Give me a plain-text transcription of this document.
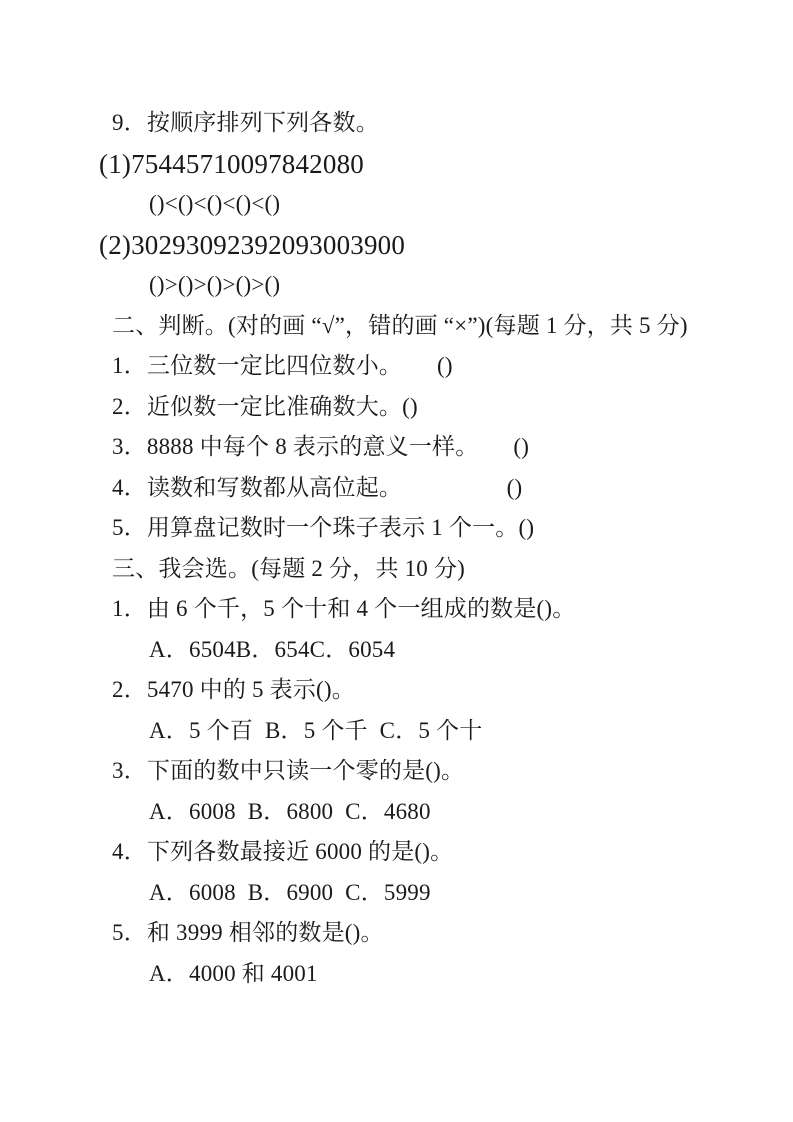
9．按顺序排列下列各数。

(1)75445710097842080

()<()<()<()<()

(2)30293092392093003900

()>()>()>()>()

二、判断。(对的画 “√”，错的画 “×”)(每题 1 分，共 5 分)

1．三位数一定比四位数小。　　()

2．近似数一定比准确数大。()

3．8888 中每个 8 表示的意义一样。　　()

4．读数和写数都从高位起。　　　　　()

5．用算盘记数时一个珠子表示 1 个一。()

三、我会选。(每题 2 分，共 10 分)

1．由 6 个千，5 个十和 4 个一组成的数是()。

A．6504B．654C．6054

2．5470 中的 5 表示()。

A．5 个百  B．5 个千  C．5 个十

3．下面的数中只读一个零的是()。

A．6008  B．6800  C．4680

4．下列各数最接近 6000 的是()。

A．6008  B．6900  C．5999

5．和 3999 相邻的数是()。

A．4000 和 4001
